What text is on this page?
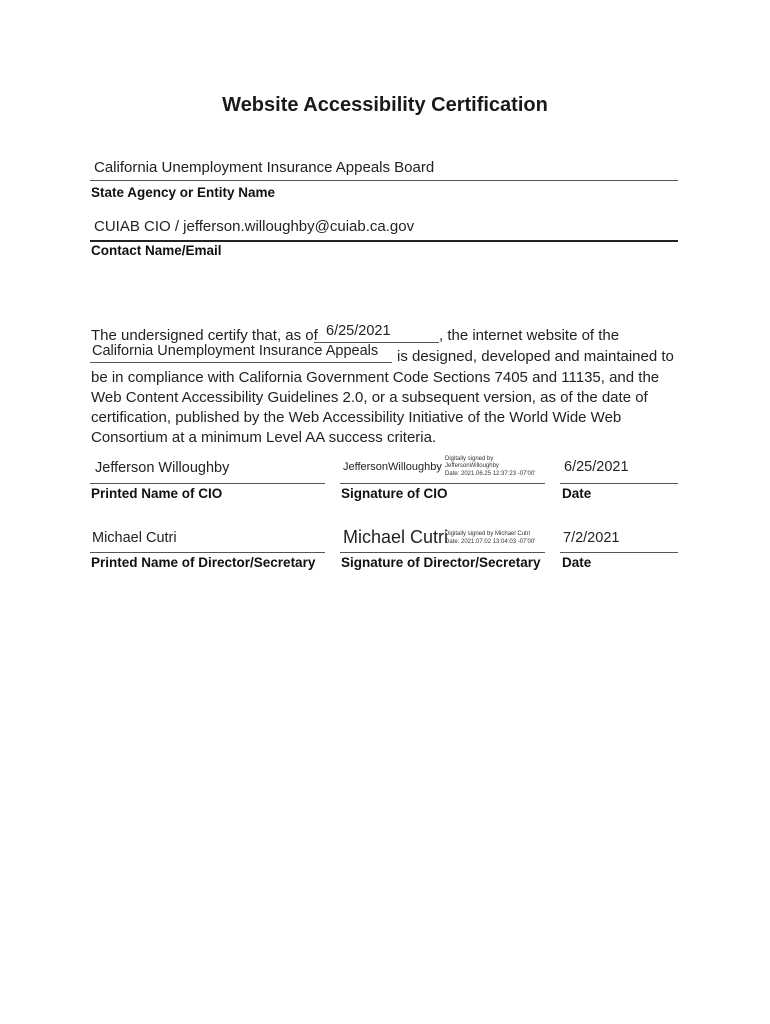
Website Accessibility Certification
California Unemployment Insurance Appeals Board
State Agency or Entity Name
CUIAB CIO / jefferson.willoughby@cuiab.ca.gov
Contact Name/Email
The undersigned certify that, as of 6/25/2021	, the internet website of the
California Unemployment Insurance Appeals is designed, developed and maintained to
be in compliance with California Government Code Sections 7405 and 11135, and the
Web Content Accessibility Guidelines 2.0, or a subsequent version, as of the date of
certification, published by the Web Accessibility Initiative of the World Wide Web
Consortium at a minimum Level AA success criteria.
Jefferson Willoughby
Printed Name of CIO
JeffersonWilloughby
Digitally signed by
JeffersonWilloughby
Date: 2021.06.25 12:37:23 -07'00'
Signature of CIO
6/25/2021
Date
Michael Cutri
Printed Name of Director/Secretary
Michael Cutri
Digitally signed by Michael Cutri
Date: 2021.07.02 13:04:03 -07'00'
Signature of Director/Secretary
7/2/2021
Date
